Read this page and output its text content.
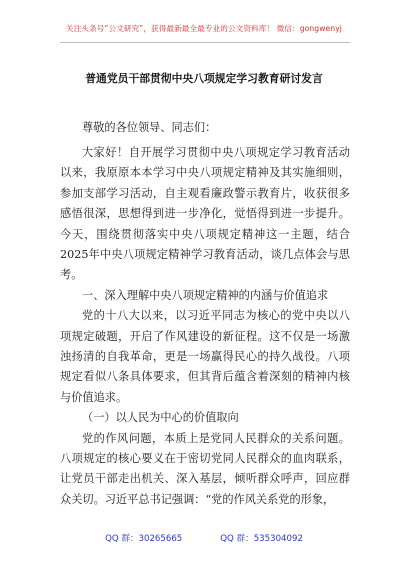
关注头条号“公文研究”，获得最新最全最专业的公文资料库！ 微信：gongwenyj
普通党员干部贯彻中央八项规定学习教育研讨发言

尊敬的各位领导、同志们：

大家好！自开展学习贯彻中央八项规定学习教育活动以来，我原原本本学习中央八项规定精神及其实施细则，参加支部学习活动，自主观看廉政警示教育片，收获很多感悟很深，思想得到进一步净化，觉悟得到进一步提升。今天，围绕贯彻落实中央八项规定精神这一主题，结合2025年中央八项规定精神学习教育活动，谈几点体会与思考。

一、深入理解中央八项规定精神的内涵与价值追求

党的十八大以来，以习近平同志为核心的党中央以八项规定破题，开启了作风建设的新征程。这不仅是一场激浊扬清的自我革命，更是一场赢得民心的持久战役。八项规定看似八条具体要求，但其背后蕴含着深刻的精神内核与价值追求。

（一）以人民为中心的价值取向

党的作风问题，本质上是党同人民群众的关系问题。八项规定的核心要义在于密切党同人民群众的血肉联系，让党员干部走出机关、深入基层，倾听群众呼声，回应群众关切。习近平总书记强调：“党的作风关系党的形象，

QQ 群：30265665	QQ 群：535304092
